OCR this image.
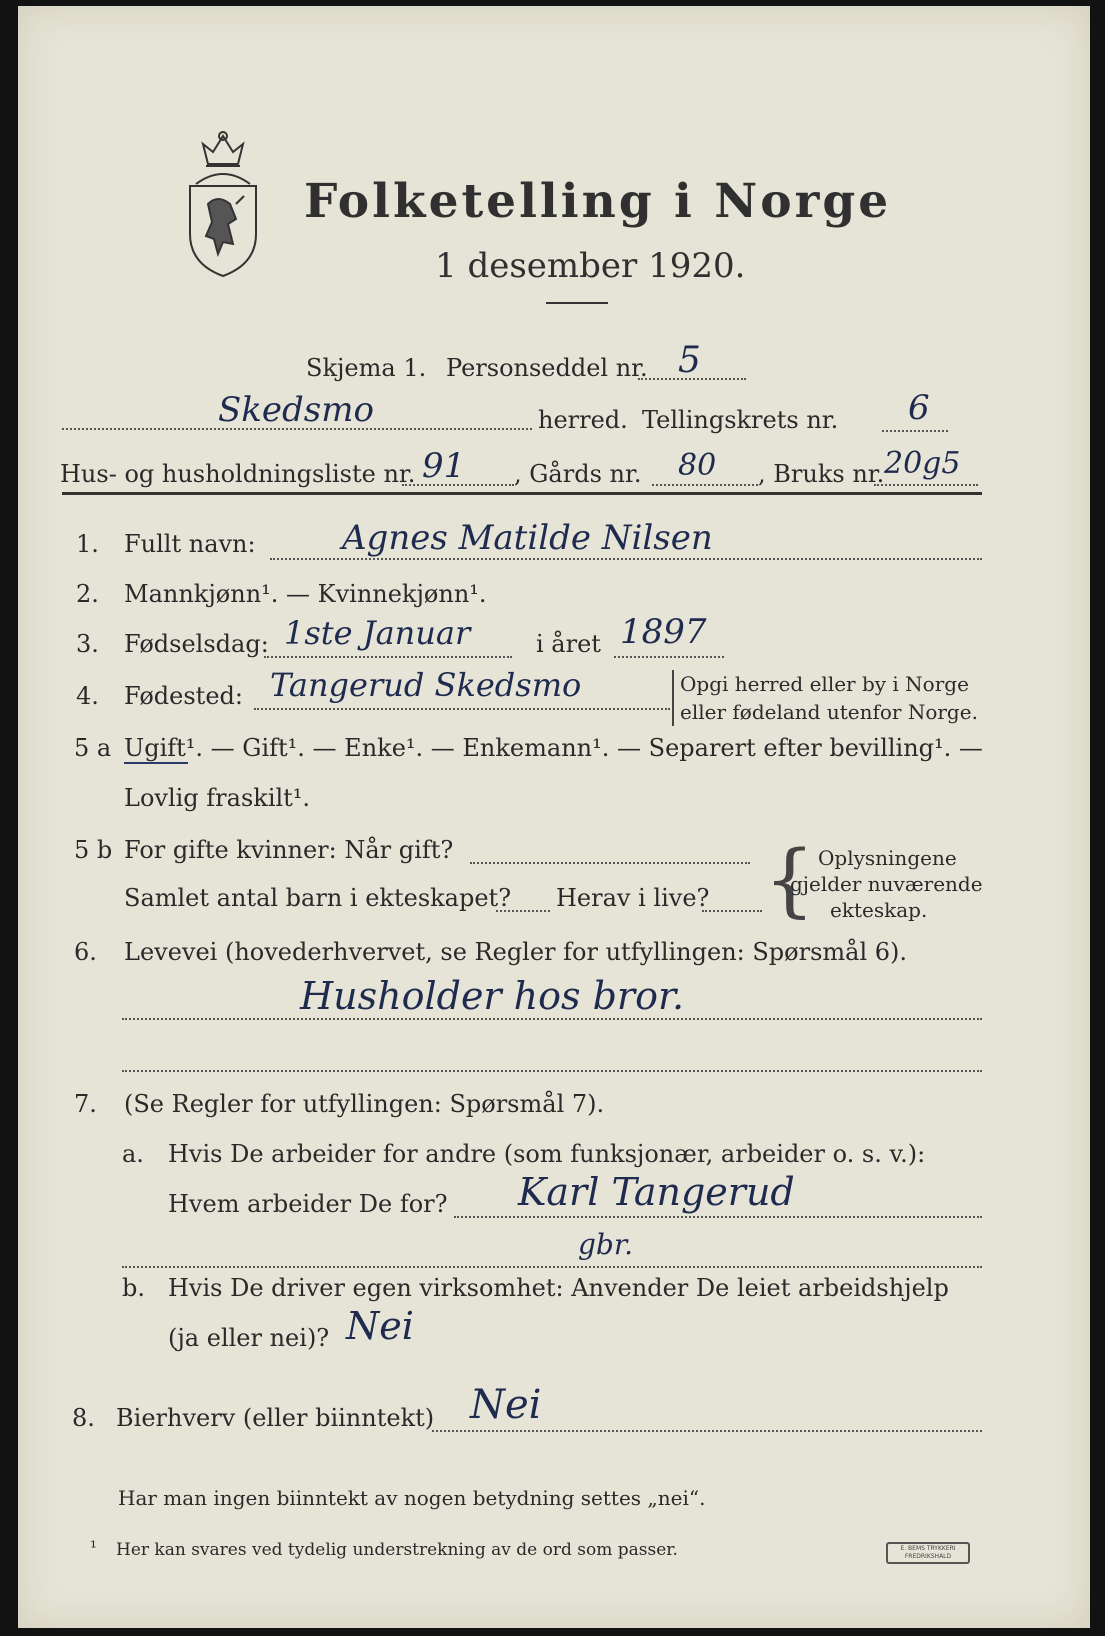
Folketelling i Norge
1 desember 1920.
Skjema 1. Personseddel nr. 5
Skedsmo	herred. Tellingskrets nr. 6
Hus- og husholdningsliste nr. 91 , Gårds nr. 80 , Bruks nr. 20g5
1. Fullt navn:	Agnes Matilde Nilsen
2. Mannkjønn¹. — Kvinnekjønn¹.
3. Fødselsdag: 1ste Januar	i året 1897
4. Fødested: Tangerud Skedsmo	Opgi herred eller by i Norge
eller fødeland utenfor Norge.
5 a Ugift¹. — Gift¹. — Enke¹. — Enkemann¹. — Separert efter bevilling¹. —
Lovlig fraskilt¹.
5 b For gifte kvinner: Når gift?
Samlet antal barn i ekteskapet? Herav i live? { Oplysningene
gjelder nuværende
ekteskap.
6. Levevei (hovederhvervet, se Regler for utfyllingen: Spørsmål 6).
Husholder hos bror.
7. (Se Regler for utfyllingen: Spørsmål 7).
a. Hvis De arbeider for andre (som funksjonær, arbeider o. s. v.):
Hvem arbeider De for? Karl Tangerud
gbr.
b. Hvis De driver egen virksomhet: Anvender De leiet arbeidshjelp
(ja eller nei)? Nei
8. Bierhverv (eller biinntekt) Nei
Har man ingen biinntekt av nogen betydning settes „nei“.
¹ Her kan svares ved tydelig understrekning av de ord som passer.	E. BEMS TRYKKERI
FREDRIKSHALD
